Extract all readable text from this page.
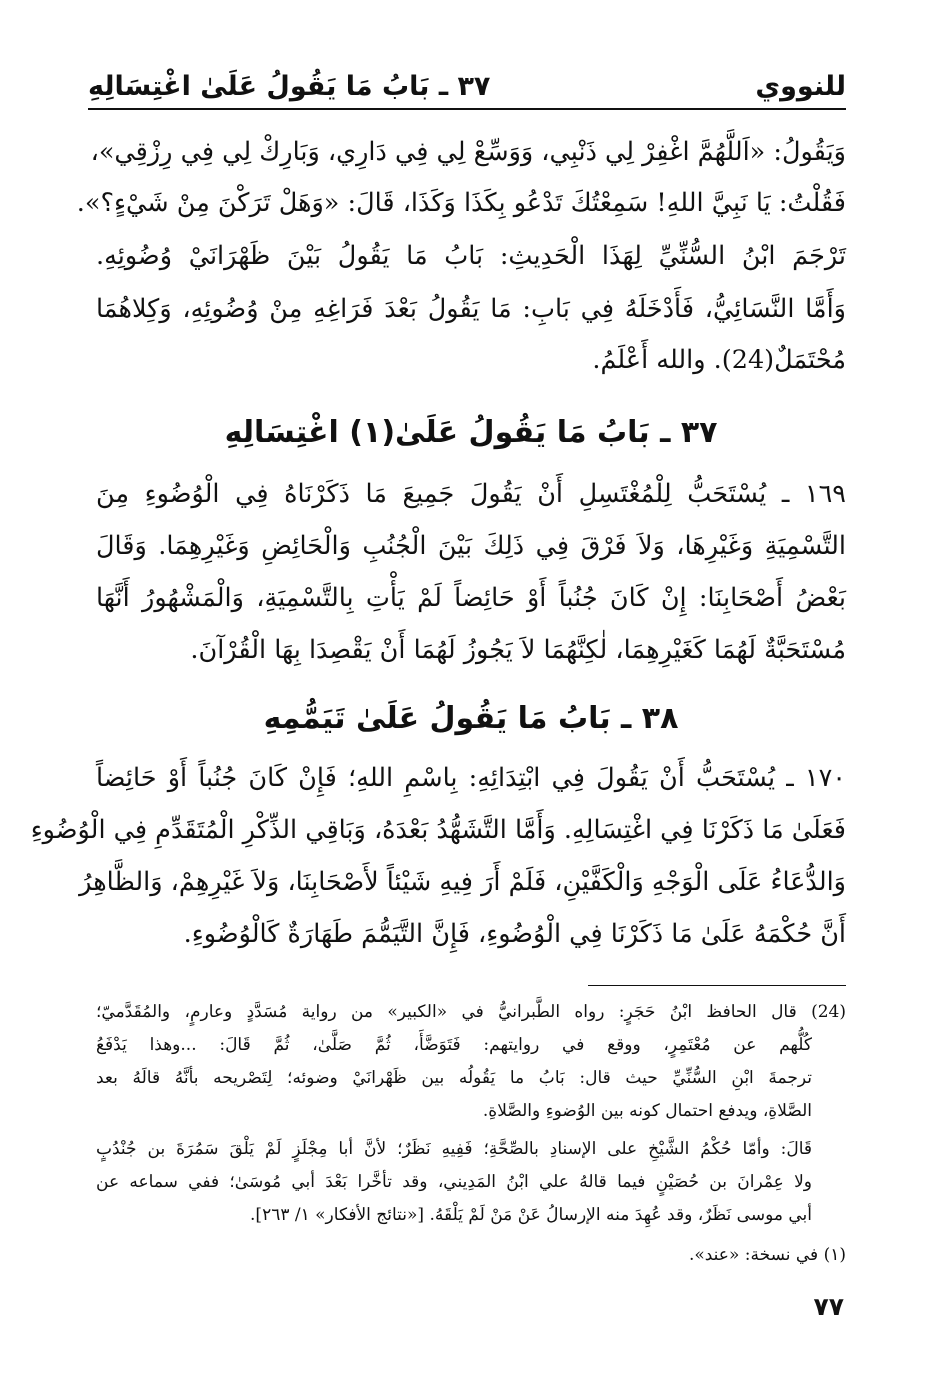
للنووي
٣٧ ـ بَابُ مَا يَقُولُ عَلَىٰ اغْتِسَالِهِ
وَيَقُولُ: «اَللَّهُمَّ اغْفِرْ لِي ذَنْبِي، وَوَسِّعْ لِي فِي دَارِي، وَبَارِكْ لِي فِي رِزْقِي»،
فَقُلْتُ: يَا نَبِيَّ اللهِ! سَمِعْتُكَ تَدْعُو بِكَذَا وَكَذَا، قَالَ: «وَهَلْ تَرَكْنَ مِنْ شَيْءٍ؟».
تَرْجَمَ ابْنُ السُّنِّيِّ لِهَذَا الْحَدِيثِ: بَابُ مَا يَقُولُ بَيْنَ ظَهْرَانَيْ وُضُوئِهِ.
وَأَمَّا النَّسَائِيُّ، فَأَدْخَلَهُ فِي بَابِ: مَا يَقُولُ بَعْدَ فَرَاغِهِ مِنْ وُضُوئِهِ، وَكِلاهُمَا
مُحْتَمَلٌ(24). والله أَعْلَمُ.
٣٧ ـ بَابُ مَا يَقُولُ عَلَىٰ(١) اغْتِسَالِهِ
١٦٩ ـ يُسْتَحَبُّ لِلْمُغْتَسِلِ أَنْ يَقُولَ جَمِيعَ مَا ذَكَرْنَاهُ فِي الْوُضُوءِ مِنَ
التَّسْمِيَةِ وَغَيْرِهَا، وَلاَ فَرْقَ فِي ذَلِكَ بَيْنَ الْجُنُبِ وَالْحَائِضِ وَغَيْرِهِمَا. وَقَالَ
بَعْضُ أَصْحَابِنَا: إِنْ كَانَ جُنُباً أَوْ حَائِضاً لَمْ يَأْتِ بِالتَّسْمِيَةِ، وَالْمَشْهُورُ أَنَّهَا
مُسْتَحَبَّةٌ لَهُمَا كَغَيْرِهِمَا، لٰكِنَّهُمَا لاَ يَجُوزُ لَهُمَا أَنْ يَقْصِدَا بِهَا الْقُرْآنَ.
٣٨ ـ بَابُ مَا يَقُولُ عَلَىٰ تَيَمُّمِهِ
١٧٠ ـ يُسْتَحَبُّ أَنْ يَقُولَ فِي ابْتِدَائِهِ: بِاسْمِ اللهِ؛ فَإِنْ كَانَ جُنُباً أَوْ حَائِضاً
فَعَلَىٰ مَا ذَكَرْنَا فِي اغْتِسَالِهِ. وَأَمَّا التَّشَهُّدُ بَعْدَهُ، وَبَاقِي الذِّكْرِ الْمُتَقَدِّمِ فِي الْوُضُوءِ
وَالدُّعَاءُ عَلَى الْوَجْهِ وَالْكَفَّيْنِ، فَلَمْ أَرَ فِيهِ شَيْئاً لأَصْحَابِنَا، وَلاَ غَيْرِهِمْ، وَالظَّاهِرُ
أَنَّ حُكْمَهُ عَلَىٰ مَا ذَكَرْنَا فِي الْوُضُوءِ، فَإِنَّ التَّيَمُّمَ طَهَارَةٌ كَالْوُضُوءِ.
(24) قال الحافظ ابْنُ حَجَرٍ: رواه الطَّبرانيُّ في «الكبير» من رواية مُسَدَّدٍ وعارمٍ، والمُقَدَّميّ؛
كُلُّهم عن مُعْتَمِرٍ، ووقع في روايتهم: فَتَوَضَّأَ، ثُمَّ صَلَّىٰ، ثُمَّ قَالَ: ...وهذا يَدْفَعُ
ترجمةَ ابْنِ السُّنِّيِّ حيث قال: بَابُ ما يَقُولُه بين ظَهْرانَيْ وضوئه؛ لِتَصْريحه بأنَّهُ قالَهُ بعد
الصَّلاةِ، ويدفع احتمال كونه بين الوُضوءِ والصَّلاةِ.
قَالَ: وأمّا حُكْمُ الشَّيْخِ على الإسنادِ بالصِّحَّةِ؛ فَفِيهِ نَظَرٌ؛ لأنَّ أبا مِجْلَزٍ لَمْ يَلْقَ سَمُرَةَ بن جُنْدُبٍ
ولا عِمْرانَ بن حُصَيْنٍ فيما قالهُ علي ابْنُ المَدِيني، وقد تأخَّرا بَعْدَ أبي مُوسَىٰ؛ ففي سماعه عن
أبي موسى نَظَرٌ، وقد عُهِدَ منه الإرسالُ عَنْ مَنْ لَمْ يَلْقَهُ. [«نتائج الأفكار» ١/ ٢٦٣].
(١) في نسخة: «عند».
٧٧
